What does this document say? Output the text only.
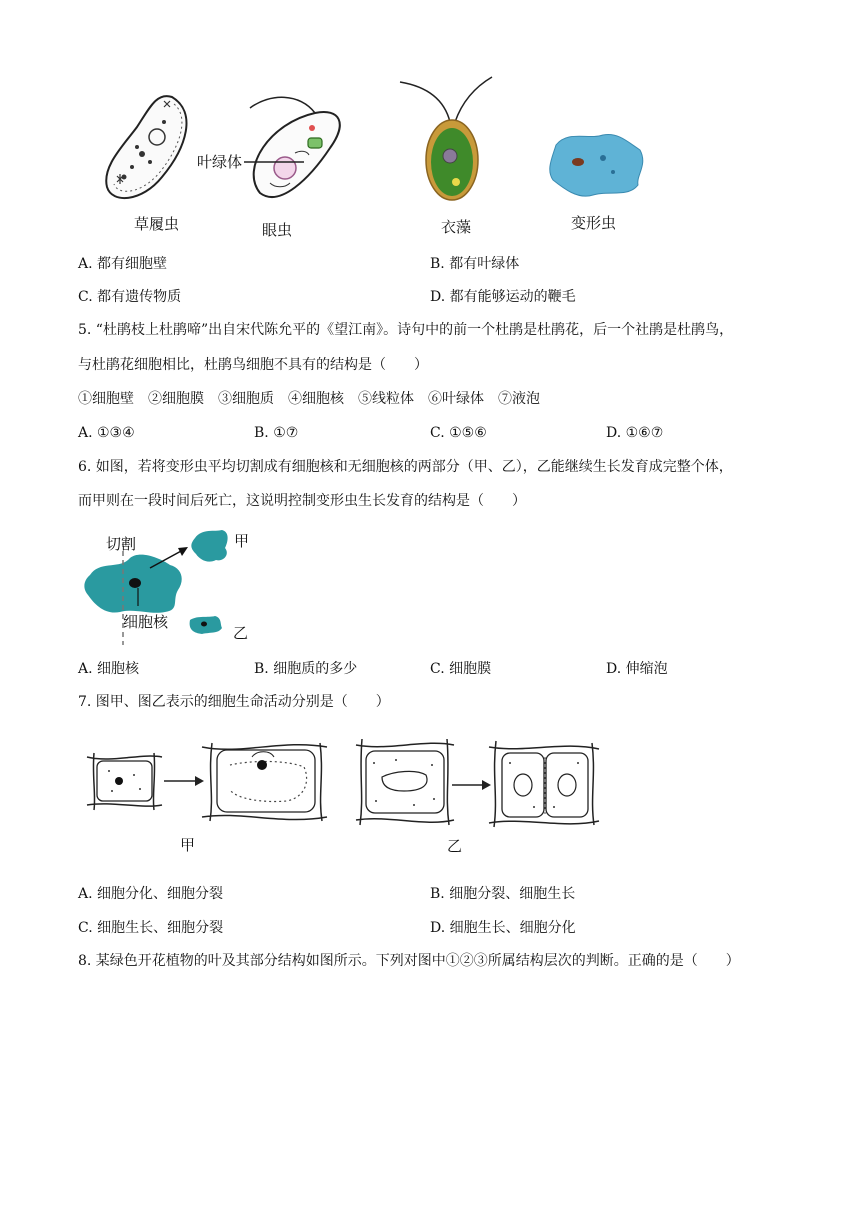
草履虫
叶绿体
眼虫	衣藻	变形虫
A. 都有细胞壁	B. 都有叶绿体
C. 都有遗传物质	D. 都有能够运动的鞭毛
5. “杜鹃枝上杜鹃啼”出自宋代陈允平的《望江南》。诗句中的前一个杜鹃是杜鹃花，后一个社鹃是杜鹃鸟，
与杜鹃花细胞相比，杜鹃鸟细胞不具有的结构是（　　）
①细胞壁　②细胞膜　③细胞质　④细胞核　⑤线粒体　⑥叶绿体　⑦液泡
A. ①③④	B. ①⑦	C. ①⑤⑥	D. ①⑥⑦
6. 如图，若将变形虫平均切割成有细胞核和无细胞核的两部分（甲、乙），乙能继续生长发育成完整个体，
而甲则在一段时间后死亡，这说明控制变形虫生长发育的结构是（　　）
切割	甲
细胞核
乙
A. 细胞核	B. 细胞质的多少	C. 细胞膜	D. 伸缩泡
7. 图甲、图乙表示的细胞生命活动分别是（　　）
甲	乙
A. 细胞分化、细胞分裂	B. 细胞分裂、细胞生长
C. 细胞生长、细胞分裂	D. 细胞生长、细胞分化
8. 某绿色开花植物的叶及其部分结构如图所示。下列对图中①②③所属结构层次的判断。正确的是（　　）
